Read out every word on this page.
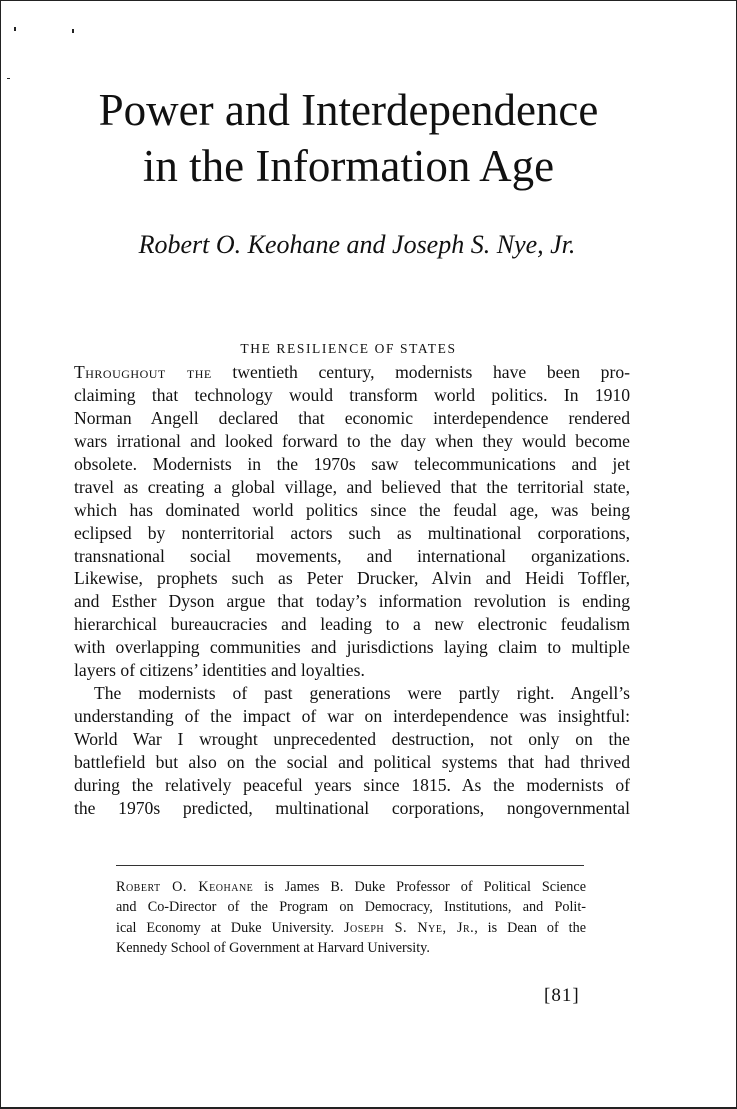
Power and Interdependence
in the Information Age
Robert O. Keohane and Joseph S. Nye, Jr.
THE RESILIENCE OF STATES
Throughout the twentieth century, modernists have been pro-
claiming that technology would transform world politics. In 1910
Norman Angell declared that economic interdependence rendered
wars irrational and looked forward to the day when they would become
obsolete. Modernists in the 1970s saw telecommunications and jet
travel as creating a global village, and believed that the territorial state,
which has dominated world politics since the feudal age, was being
eclipsed by nonterritorial actors such as multinational corporations,
transnational social movements, and international organizations.
Likewise, prophets such as Peter Drucker, Alvin and Heidi Toffler,
and Esther Dyson argue that today’s information revolution is ending
hierarchical bureaucracies and leading to a new electronic feudalism
with overlapping communities and jurisdictions laying claim to multiple
layers of citizens’ identities and loyalties.
The modernists of past generations were partly right. Angell’s
understanding of the impact of war on interdependence was insightful:
World War I wrought unprecedented destruction, not only on the
battlefield but also on the social and political systems that had thrived
during the relatively peaceful years since 1815. As the modernists of
the 1970s predicted, multinational corporations, nongovernmental
Robert O. Keohane is James B. Duke Professor of Political Science
and Co-Director of the Program on Democracy, Institutions, and Polit-
ical Economy at Duke University. Joseph S. Nye, Jr., is Dean of the
Kennedy School of Government at Harvard University.
[81]
